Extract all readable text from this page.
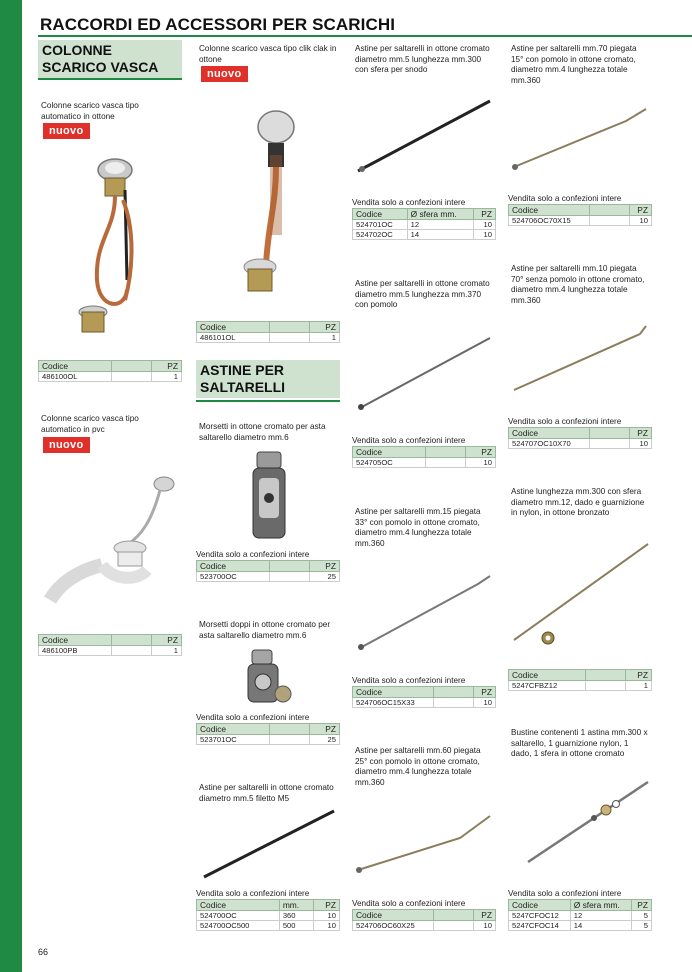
RACCORDI ED ACCESSORI PER SCARICHI
COLONNE SCARICO VASCA
Colonne scarico vasca tipo automatico in ottone
nuovo
Codice		PZ
486100OL		1
Colonne scarico vasca tipo automatico in pvc
nuovo
Codice		PZ
486100PB		1
Colonne scarico vasca tipo clik clak in ottone
nuovo
Codice		PZ
486101OL		1
ASTINE PER SALTARELLI
Morsetti in ottone cromato per asta saltarello diametro mm.6
Vendita solo a confezioni intere
Codice		PZ
523700OC		25
Morsetti doppi in ottone cromato per asta saltarello diametro mm.6
Vendita solo a confezioni intere
Codice		PZ
523701OC		25
Astine per saltarelli in ottone cromato diametro mm.5 filetto M5
Vendita solo a confezioni intere
Codice	mm.	PZ
524700OC	360	10
524700OC500	500	10
Astine per saltarelli in ottone cromato diametro mm.5 lunghezza mm.300 con sfera per snodo
Vendita solo a confezioni intere
Codice	Ø sfera mm.	PZ
524701OC	12	10
524702OC	14	10
Astine per saltarelli in ottone cromato diametro mm.5 lunghezza mm.370 con pomolo
Vendita solo a confezioni intere
Codice		PZ
524705OC		10
Astine per saltarelli mm.15 piegata 33° con pomolo in ottone cromato, diametro mm.4 lunghezza totale mm.360
Vendita solo a confezioni intere
Codice		PZ
524706OC15X33		10
Astine per saltarelli mm.60 piegata 25° con pomolo in ottone cromato, diametro mm.4 lunghezza totale mm.360
Vendita solo a confezioni intere
Codice		PZ
524706OC60X25		10
Astine per saltarelli mm.70 piegata 15° con pomolo in ottone cromato, diametro mm.4 lunghezza totale mm.360
Vendita solo a confezioni intere
Codice		PZ
524706OC70X15		10
Astine per saltarelli mm.10 piegata 70° senza pomolo in ottone cromato, diametro mm.4 lunghezza totale mm.360
Vendita solo a confezioni intere
Codice		PZ
524707OC10X70		10
Astine lunghezza mm.300 con sfera diametro mm.12, dado e guarnizione in nylon, in ottone bronzato
Codice		PZ
5247CFBZ12		1
Bustine contenenti 1 astina mm.300 x saltarello, 1 guarnizione nylon, 1 dado, 1 sfera in ottone cromato
Vendita solo a confezioni intere
Codice	Ø sfera mm.	PZ
5247CFOC12	12	5
5247CFOC14	14	5
66
